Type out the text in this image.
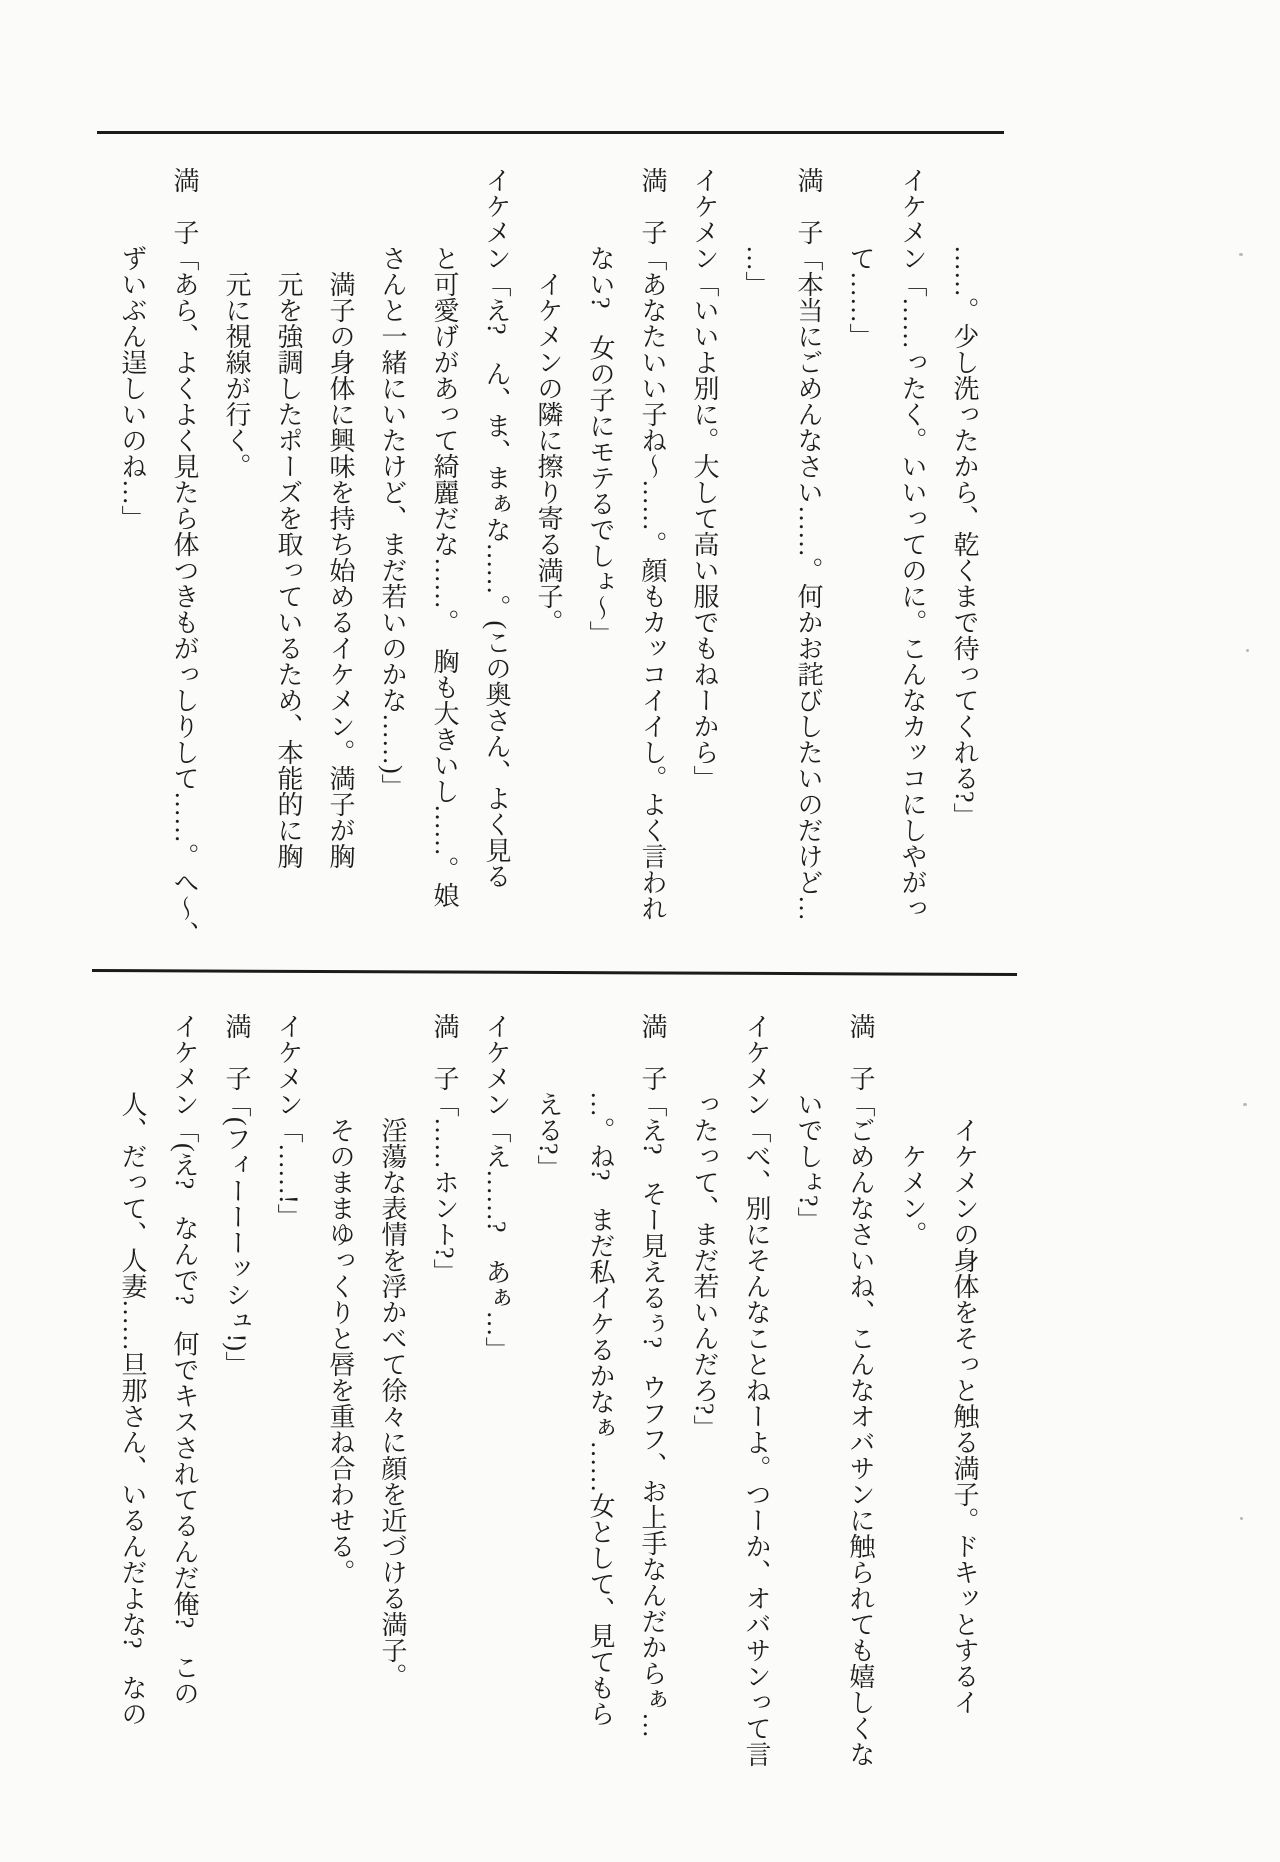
……。少し洗ったから、乾くまで待ってくれる?」

イケメン「……ったく。いいってのに。こんなカッコにしやがっ

て……」

満　子「本当にごめんなさい……。何かお詫びしたいのだけど…

…」

イケメン「いいよ別に。大して高い服でもねーから」

満　子「あなたいい子ね〜……。顔もカッコイイし。よく言われ

ない?　女の子にモテるでしょ〜」

イケメンの隣に擦り寄る満子。

イケメン「え?　ん、ま、まぁな……。(この奥さん、よく見る

と可愛げがあって綺麗だな……。　胸も大きいし……。娘

さんと一緒にいたけど、まだ若いのかな……)」

満子の身体に興味を持ち始めるイケメン。満子が胸

元を強調したポーズを取っているため、本能的に胸

元に視線が行く。

満　子「あら、よくよく見たら体つきもがっしりして……。へ〜、

ずいぶん逞しいのね…」

イケメンの身体をそっと触る満子。ドキッとするイ

ケメン。

満　子「ごめんなさいね、こんなオバサンに触られても嬉しくな

いでしょ?」

イケメン「べ、別にそんなことねーよ。つーか、オバサンって言

ったって、まだ若いんだろ?」

満　子「え?　そー見えるぅ?　ウフフ、お上手なんだからぁ…

…。ね?　まだ私イケるかなぁ……女として、見てもら

える?」

イケメン「え……?　あぁ…」

満　子「……ホント?」

淫蕩な表情を浮かべて徐々に顔を近づける満子。

そのままゆっくりと唇を重ね合わせる。

イケメン「……!」

満　子「(フィーーーッシュ!)」

イケメン「(え?　なんで?　何でキスされてるんだ俺?　この

人、だって、人妻……旦那さん、いるんだよな?　なの
